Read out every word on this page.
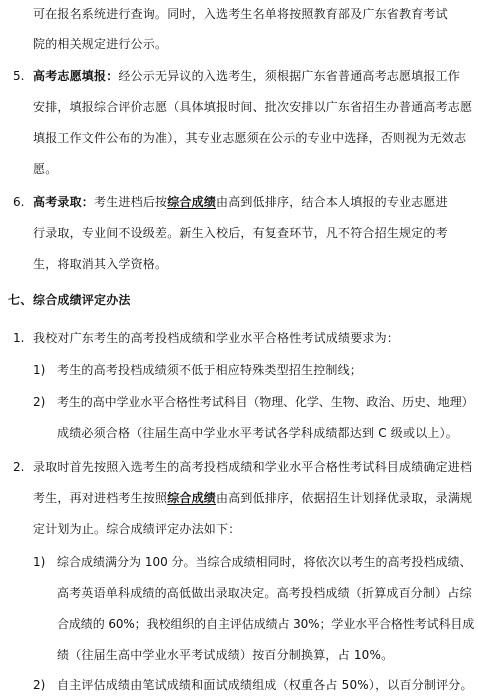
可在报名系统进行查询。同时，入选考生名单将按照教育部及广东省教育考试
院的相关规定进行公示。
5. 高考志愿填报：经公示无异议的入选考生，须根据广东省普通高考志愿填报工作
安排，填报综合评价志愿（具体填报时间、批次安排以广东省招生办普通高考志愿
填报工作文件公布的为准），其专业志愿须在公示的专业中选择，否则视为无效志
愿。
6. 高考录取：考生进档后按综合成绩由高到低排序，结合本人填报的专业志愿进
行录取，专业间不设级差。新生入校后，有复查环节，凡不符合招生规定的考
生，将取消其入学资格。
七、 综合成绩评定办法
1. 我校对广东考生的高考投档成绩和学业水平合格性考试成绩要求为：
1) 考生的高考投档成绩须不低于相应特殊类型招生控制线；
2) 考生的高中学业水平合格性考试科目（物理、化学、生物、政治、历史、地理）
成绩必须合格（往届生高中学业水平考试各学科成绩都达到 C 级或以上）。
2. 录取时首先按照入选考生的高考投档成绩和学业水平合格性考试科目成绩确定进档
考生，再对进档考生按照综合成绩由高到低排序，依据招生计划择优录取，录满规
定计划为止。综合成绩评定办法如下：
1) 综合成绩满分为 100 分。当综合成绩相同时，将依次以考生的高考投档成绩、
高考英语单科成绩的高低做出录取决定。高考投档成绩（折算成百分制）占综
合成绩的 60%；我校组织的自主评估成绩占 30%；学业水平合格性考试科目成
绩（往届生高中学业水平考试成绩）按百分制换算，占 10%。
2) 自主评估成绩由笔试成绩和面试成绩组成（权重各占 50%），以百分制评分。
